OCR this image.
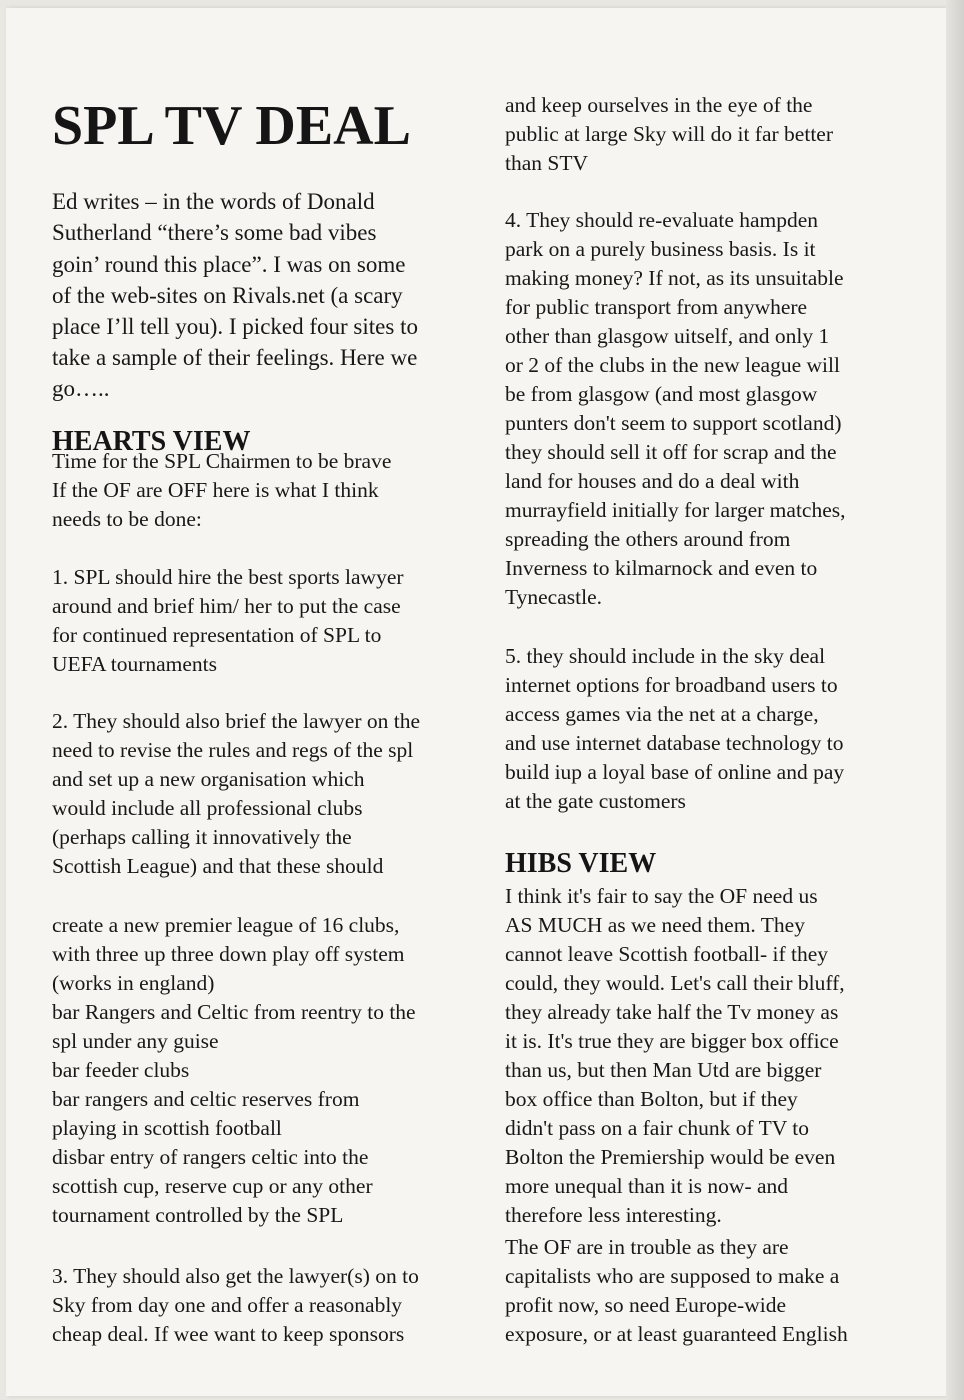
SPL TV DEAL

Ed writes – in the words of Donald

Sutherland “there’s some bad vibes

goin’ round this place”. I was on some

of the web-sites on Rivals.net (a scary

place I’ll tell you). I picked four sites to

take a sample of their feelings. Here we

go…..

HEARTS VIEW

Time for the SPL Chairmen to be brave

If the OF are OFF here is what I think

needs to be done:

1. SPL should hire the best sports lawyer

around and brief him/ her to put the case

for continued representation of SPL to

UEFA tournaments

2. They should also brief the lawyer on the

need to revise the rules and regs of the spl

and set up a new organisation which

would include all professional clubs

(perhaps calling it innovatively the

Scottish League) and that these should

create a new premier league of 16 clubs,

with three up three down play off system

(works in england)

bar Rangers and Celtic from reentry to the

spl under any guise

bar feeder clubs

bar rangers and celtic reserves from

playing in scottish football

disbar entry of rangers celtic into the

scottish cup, reserve cup or any other

tournament controlled by the SPL

3. They should also get the lawyer(s) on to

Sky from day one and offer a reasonably

cheap deal. If wee want to keep sponsors

and keep ourselves in the eye of the

public at large Sky will do it far better

than STV

4. They should re-evaluate hampden

park on a purely business basis. Is it

making money? If not, as its unsuitable

for public transport from anywhere

other than glasgow uitself, and only 1

or 2 of the clubs in the new league will

be from glasgow (and most glasgow

punters don't seem to support scotland)

they should sell it off for scrap and the

land for houses and do a deal with

murrayfield initially for larger matches,

spreading the others around from

Inverness to kilmarnock and even to

Tynecastle.

5. they should include in the sky deal

internet options for broadband users to

access games via the net at a charge,

and use internet database technology to

build iup a loyal base of online and pay

at the gate customers

HIBS VIEW

I think it's fair to say the OF need us

AS MUCH as we need them. They

cannot leave Scottish football- if they

could, they would. Let's call their bluff,

they already take half the Tv money as

it is. It's true they are bigger box office

than us, but then Man Utd are bigger

box office than Bolton, but if they

didn't pass on a fair chunk of TV to

Bolton the Premiership would be even

more unequal than it is now- and

therefore less interesting.

The OF are in trouble as they are

capitalists who are supposed to make a

profit now, so need Europe-wide

exposure, or at least guaranteed English
